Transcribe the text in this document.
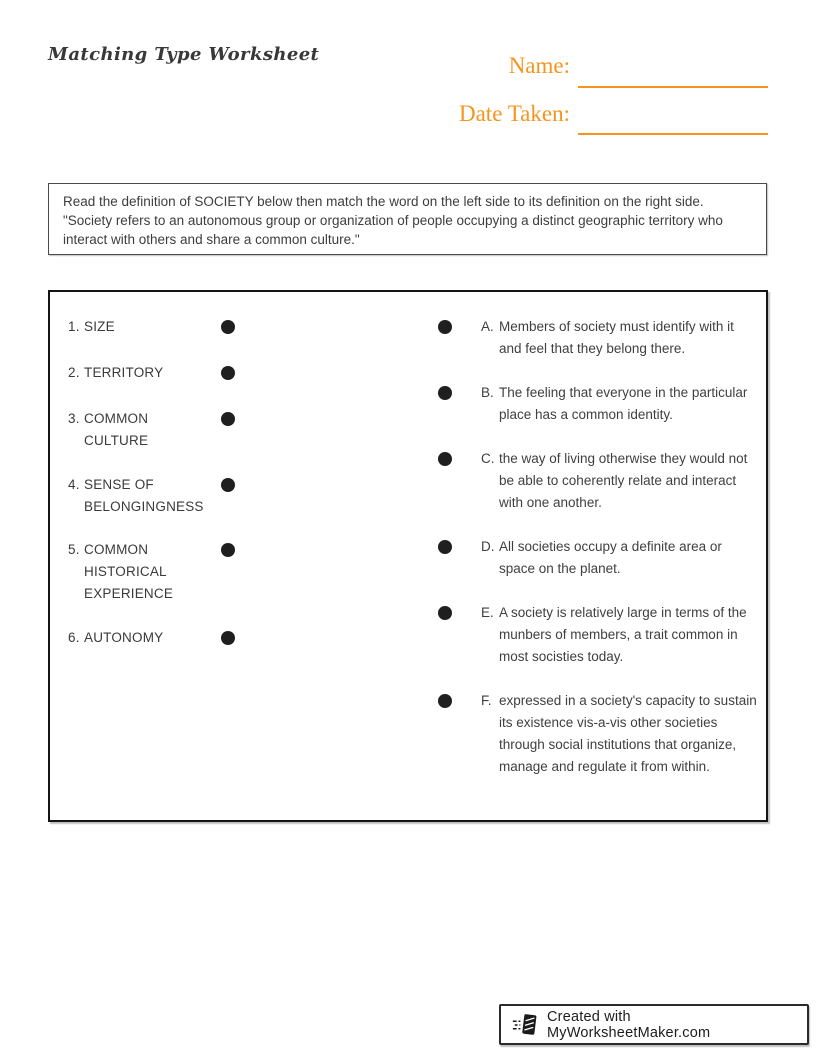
Matching Type Worksheet	Name:
Date Taken:
Read the definition of SOCIETY below then match the word on the left side to its definition on the right side. "Society refers to an autonomous group or organization of people occupying a distinct geographic territory who interact with others and share a common culture."
1. SIZE
2. TERRITORY
3. COMMON CULTURE
4. SENSE OF BELONGINGNESS
5. COMMON HISTORICAL EXPERIENCE
6. AUTONOMY
A. Members of society must identify with it and feel that they belong there.
B. The feeling that everyone in the particular place has a common identity.
C. the way of living otherwise they would not be able to coherently relate and interact with one another.
D. All societies occupy a definite area or space on the planet.
E. A society is relatively large in terms of the munbers of members, a trait common in most socisties today.
F. expressed in a society's capacity to sustain its existence vis-a-vis other societies through social institutions that organize, manage and regulate it from within.
Created with MyWorksheetMaker.com
